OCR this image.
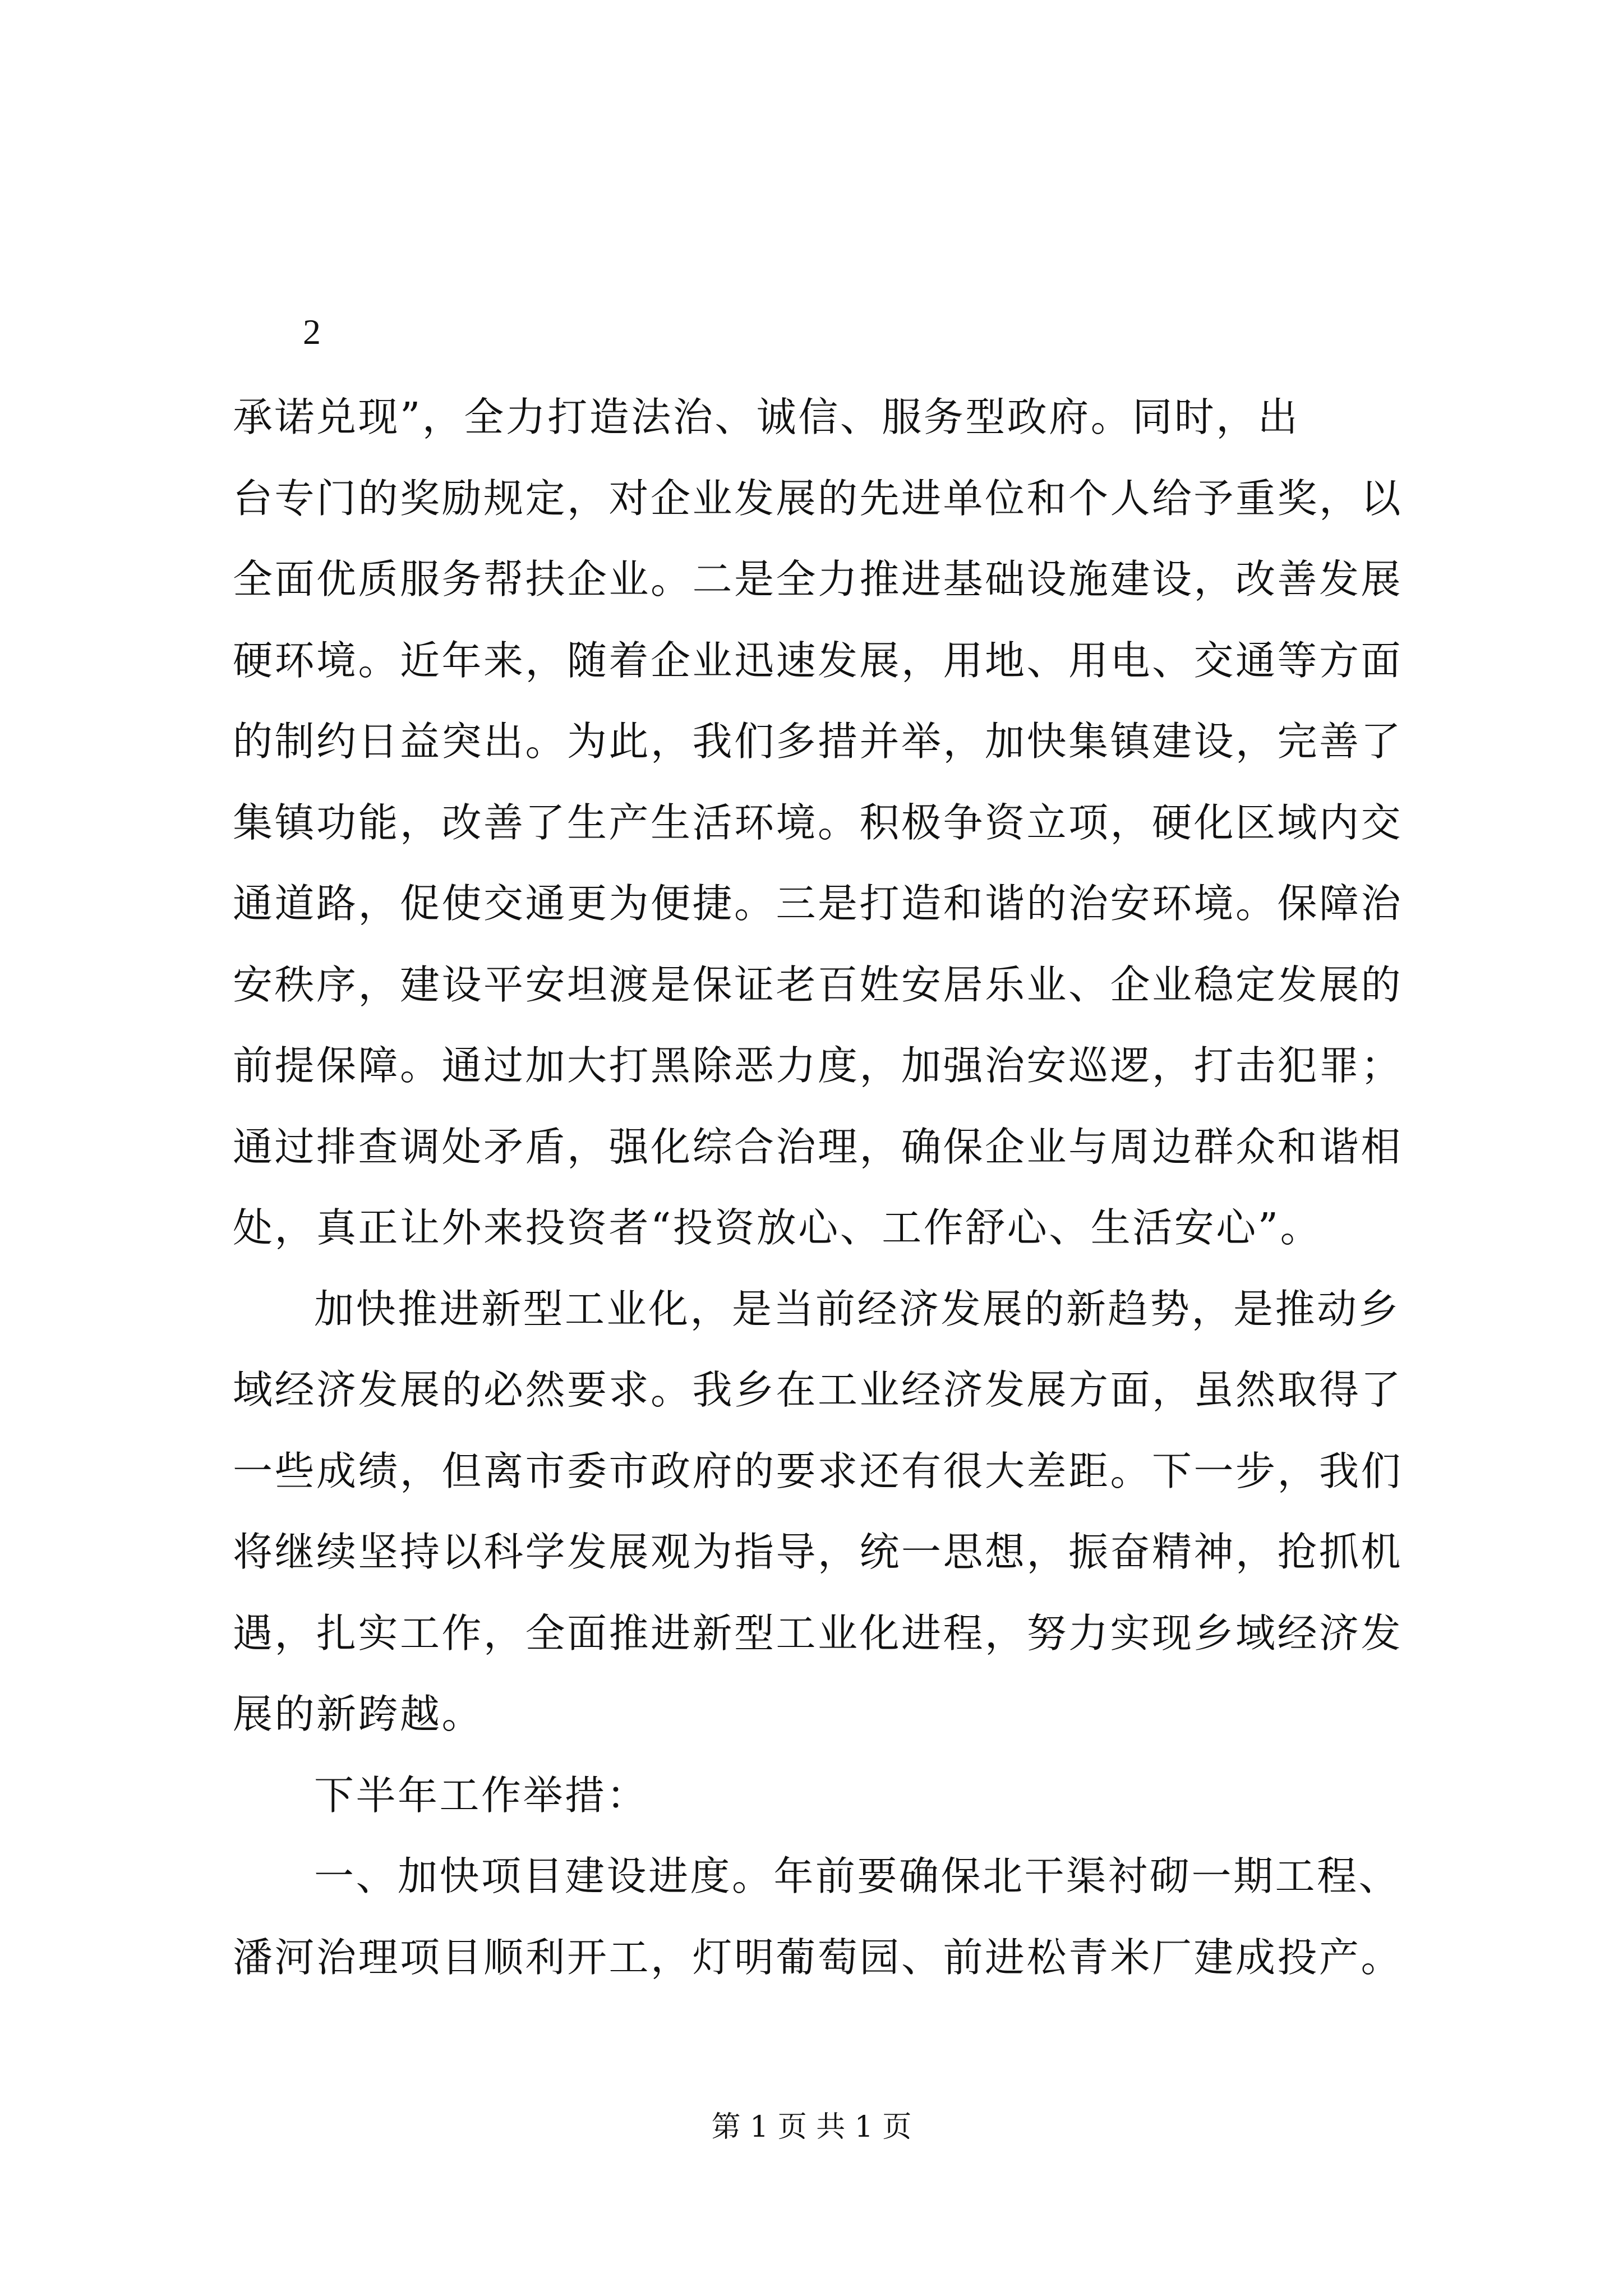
2
承诺兑现”，全力打造法治、诚信、服务型政府。同时，出
台专门的奖励规定，对企业发展的先进单位和个人给予重奖，以
全面优质服务帮扶企业。二是全力推进基础设施建设，改善发展
硬环境。近年来，随着企业迅速发展，用地、用电、交通等方面
的制约日益突出。为此，我们多措并举，加快集镇建设，完善了
集镇功能，改善了生产生活环境。积极争资立项，硬化区域内交
通道路，促使交通更为便捷。三是打造和谐的治安环境。保障治
安秩序，建设平安坦渡是保证老百姓安居乐业、企业稳定发展的
前提保障。通过加大打黑除恶力度，加强治安巡逻，打击犯罪；
通过排查调处矛盾，强化综合治理，确保企业与周边群众和谐相
处，真正让外来投资者“投资放心、工作舒心、生活安心”。
加快推进新型工业化，是当前经济发展的新趋势，是推动乡
域经济发展的必然要求。我乡在工业经济发展方面，虽然取得了
一些成绩，但离市委市政府的要求还有很大差距。下一步，我们
将继续坚持以科学发展观为指导，统一思想，振奋精神，抢抓机
遇，扎实工作，全面推进新型工业化进程，努力实现乡域经济发
展的新跨越。
下半年工作举措：
一、加快项目建设进度。年前要确保北干渠衬砌一期工程、
潘河治理项目顺利开工，灯明葡萄园、前进松青米厂建成投产。
第 1 页 共 1 页
